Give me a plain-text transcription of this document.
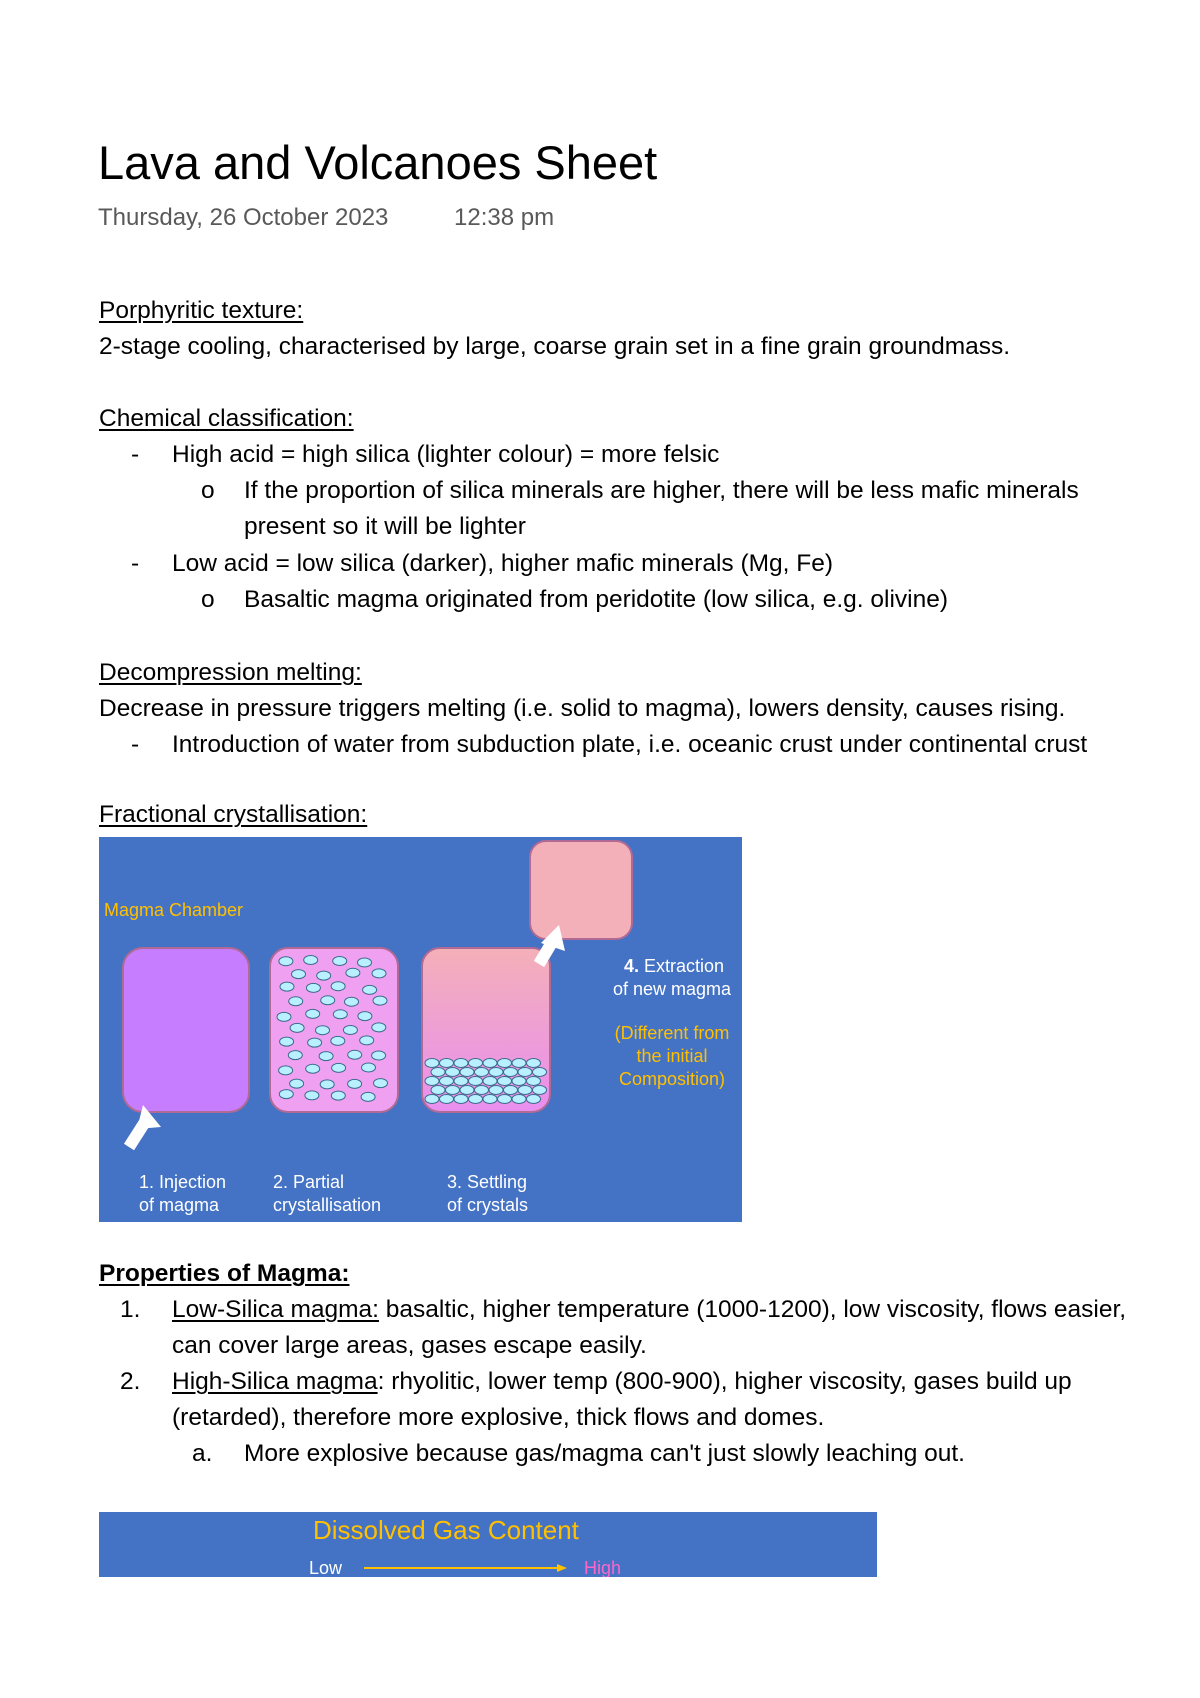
Lava and Volcanoes Sheet
Thursday, 26 October 2023	12:38 pm
Porphyritic texture:
2-stage cooling, characterised by large, coarse grain set in a fine grain groundmass.
Chemical classification:
- High acid = high silica (lighter colour) = more felsic
o If the proportion of silica minerals are higher, there will be less mafic minerals
present so it will be lighter
- Low acid = low silica (darker), higher mafic minerals (Mg, Fe)
o Basaltic magma originated from peridotite (low silica, e.g. olivine)
Decompression melting:
Decrease in pressure triggers melting (i.e. solid to magma), lowers density, causes rising.
- Introduction of water from subduction plate, i.e. oceanic crust under continental crust
Fractional crystallisation:
Magma Chamber
4. Extraction
of new magma
(Different from
the initial
Composition)
1. Injection
of magma
2. Partial
crystallisation
3. Settling
of crystals
Properties of Magma:
1. Low-Silica magma: basaltic, higher temperature (1000-1200), low viscosity, flows easier,
can cover large areas, gases escape easily.
2. High-Silica magma: rhyolitic, lower temp (800-900), higher viscosity, gases build up
(retarded), therefore more explosive, thick flows and domes.
a. More explosive because gas/magma can't just slowly leaching out.
Dissolved Gas Content
Low	High
